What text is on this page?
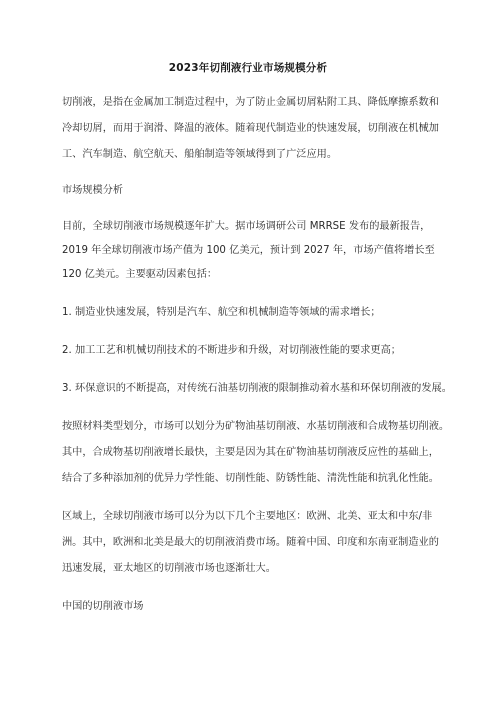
2023年切削液行业市场规模分析
切削液，是指在金属加工制造过程中，为了防止金属切屑粘附工具、降低摩擦系数和
冷却切屑，而用于润滑、降温的液体。随着现代制造业的快速发展，切削液在机械加
工、汽车制造、航空航天、船舶制造等领域得到了广泛应用。
市场规模分析
目前，全球切削液市场规模逐年扩大。据市场调研公司 MRRSE 发布的最新报告，
2019 年全球切削液市场产值为 100 亿美元，预计到 2027 年，市场产值将增长至
120 亿美元。主要驱动因素包括：
1. 制造业快速发展，特别是汽车、航空和机械制造等领域的需求增长；
2. 加工工艺和机械切削技术的不断进步和升级，对切削液性能的要求更高；
3. 环保意识的不断提高，对传统石油基切削液的限制推动着水基和环保切削液的发展。
按照材料类型划分，市场可以划分为矿物油基切削液、水基切削液和合成物基切削液。
其中，合成物基切削液增长最快，主要是因为其在矿物油基切削液反应性的基础上，
结合了多种添加剂的优异力学性能、切削性能、防锈性能、清洗性能和抗乳化性能。
区域上，全球切削液市场可以分为以下几个主要地区：欧洲、北美、亚太和中东/非
洲。其中，欧洲和北美是最大的切削液消费市场。随着中国、印度和东南亚制造业的
迅速发展，亚太地区的切削液市场也逐渐壮大。
中国的切削液市场
